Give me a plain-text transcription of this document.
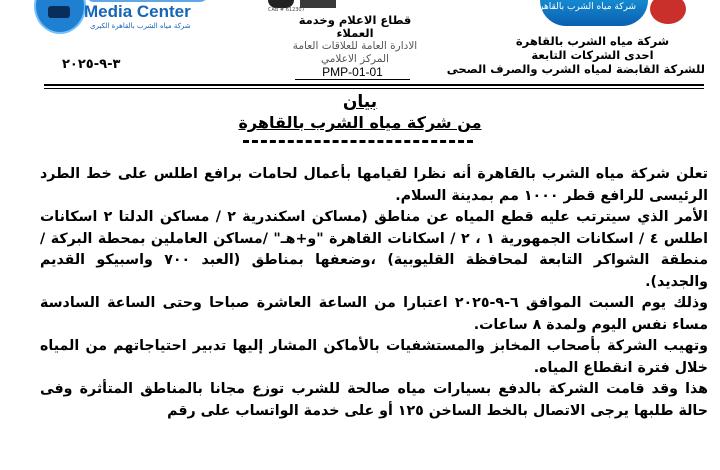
Media Center
شركة مياه الشرب بالقاهرة الكبرى
CAB # 612307	شركة مياه الشرب بالقاهرة الكبرى
قطاع الاعلام وخدمة العملاء
الادارة العامة للعلاقات العامة
المركز الاعلامي
PMP-01-01
شركة مياه الشرب بالقاهرة
احدى الشركات التابعة
للشركة القابضة لمياه الشرب والصرف الصحى
٣-٩-٢٠٢٥
بيان
من شركة مياه الشرب بالقاهرة

تعلن شركة مياه الشرب بالقاهرة أنه نظرا لقيامها بأعمال لحامات برافع اطلس على خط الطرد الرئيسى للرافع قطر ١٠٠٠ مم بمدينة السلام.

الأمر الذي سيترتب عليه قطع المياه عن مناطق (مساكن اسكندرية ٢ / مساكن الدلتا ٢ اسكانات اطلس ٤ / اسكانات الجمهورية ١ ، ٢ / اسكانات القاهرة "و+هـ" /مساكن العاملين بمحطة البركة / منطقة الشواكر التابعة لمحافظة القليوبية) ،وضعفها بمناطق (العبد ٧٠٠ واسبيكو القديم والجديد).

وذلك يوم السبت الموافق ٦-٩-٢٠٢٥ اعتبارا من الساعة العاشرة صباحا وحتى الساعة السادسة مساء نفس اليوم ولمدة ٨ ساعات.

وتهيب الشركة بأصحاب المخابز والمستشفيات بالأماكن المشار إليها تدبير احتياجاتهم من المياه خلال فترة انقطاع المياه.

هذا وقد قامت الشركة بالدفع بسيارات مياه صالحة للشرب توزع مجانا بالمناطق المتأثرة وفى حالة طلبها يرجى الاتصال بالخط الساخن ١٢٥ أو على خدمة الواتساب على رقم
